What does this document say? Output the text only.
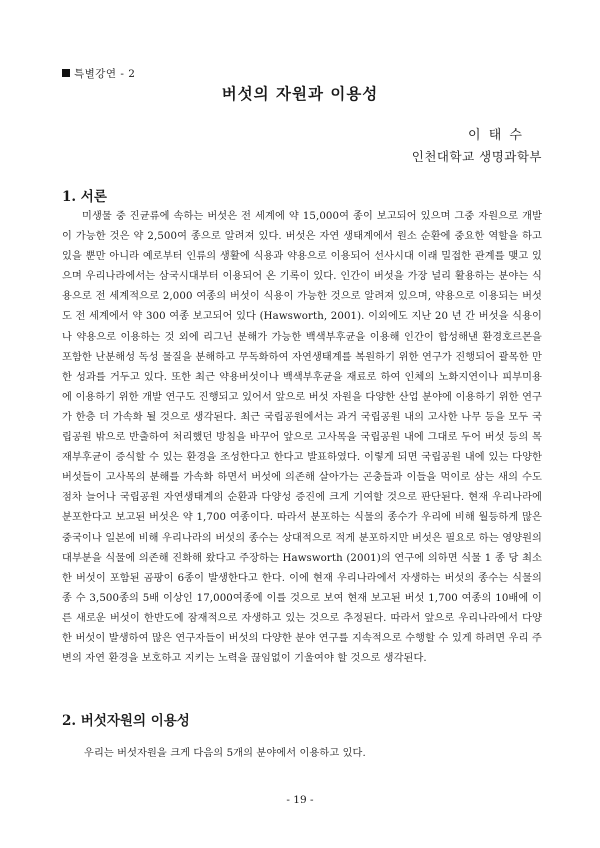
특별강연 - 2
버섯의 자원과 이용성
이 태 수
인천대학교 생명과학부
1. 서론
미생물 중 진균류에 속하는 버섯은 전 세계에 약 15,000여 종이 보고되어 있으며 그중 자원으로 개발이 가능한 것은 약 2,500여 종으로 알려져 있다. 버섯은 자연 생태계에서 원소 순환에 중요한 역할을 하고 있을 뿐만 아니라 예로부터 인류의 생활에 식용과 약용으로 이용되어 선사시대 이래 밀접한 관계를 맺고 있으며 우리나라에서는 삼국시대부터 이용되어 온 기록이 있다. 인간이 버섯을 가장 널리 활용하는 분야는 식용으로 전 세계적으로 2,000 여종의 버섯이 식용이 가능한 것으로 알려져 있으며, 약용으로 이용되는 버섯도 전 세계에서 약 300 여종 보고되어 있다 (Hawsworth, 2001). 이외에도 지난 20 년 간 버섯을 식용이나 약용으로 이용하는 것 외에 리그닌 분해가 가능한 백색부후균을 이용해 인간이 합성해낸 환경호르몬을 포함한 난분해성 독성 물질을 분해하고 무독화하여 자연생태계를 복원하기 위한 연구가 진행되어 괄목한 만한 성과를 거두고 있다. 또한 최근 약용버섯이나 백색부후균을 재료로 하여 인체의 노화지연이나 피부미용에 이용하기 위한 개발 연구도 진행되고 있어서 앞으로 버섯 자원을 다양한 산업 분야에 이용하기 위한 연구가 한층 더 가속화 될 것으로 생각된다. 최근 국립공원에서는 과거 국립공원 내의 고사한 나무 등을 모두 국립공원 밖으로 반출하여 처리했던 방침을 바꾸어 앞으로 고사목을 국립공원 내에 그대로 두어 버섯 등의 목재부후균이 증식할 수 있는 환경을 조성한다고 한다고 발표하였다. 이렇게 되면 국립공원 내에 있는 다양한 버섯들이 고사목의 분해를 가속화 하면서 버섯에 의존해 살아가는 곤충들과 이들을 먹이로 삼는 새의 수도 점차 늘어나 국립공원 자연생태계의 순환과 다양성 증진에 크게 기여할 것으로 판단된다. 현재 우리나라에 분포한다고 보고된 버섯은 약 1,700 여종이다. 따라서 분포하는 식물의 종수가 우리에 비해 월등하게 많은 중국이나 일본에 비해 우리나라의 버섯의 종수는 상대적으로 적게 분포하지만 버섯은 필요로 하는 영양원의 대부분을 식물에 의존해 진화해 왔다고 주장하는 Hawsworth (2001)의 연구에 의하면 식물 1 종 당 최소한 버섯이 포함된 곰팡이 6종이 발생한다고 한다. 이에 현재 우리나라에서 자생하는 버섯의 종수는 식물의 종 수 3,500종의 5배 이상인 17,000여종에 이를 것으로 보여 현재 보고된 버섯 1,700 여종의 10배에 이른 새로운 버섯이 한반도에 잠재적으로 자생하고 있는 것으로 추정된다. 따라서 앞으로 우리나라에서 다양한 버섯이 발생하여 많은 연구자들이 버섯의 다양한 분야 연구를 지속적으로 수행할 수 있게 하려면 우리 주변의 자연 환경을 보호하고 지키는 노력을 끊임없이 기울여야 할 것으로 생각된다.
2. 버섯자원의 이용성
우리는 버섯자원을 크게 다음의 5개의 분야에서 이용하고 있다.
- 19 -
